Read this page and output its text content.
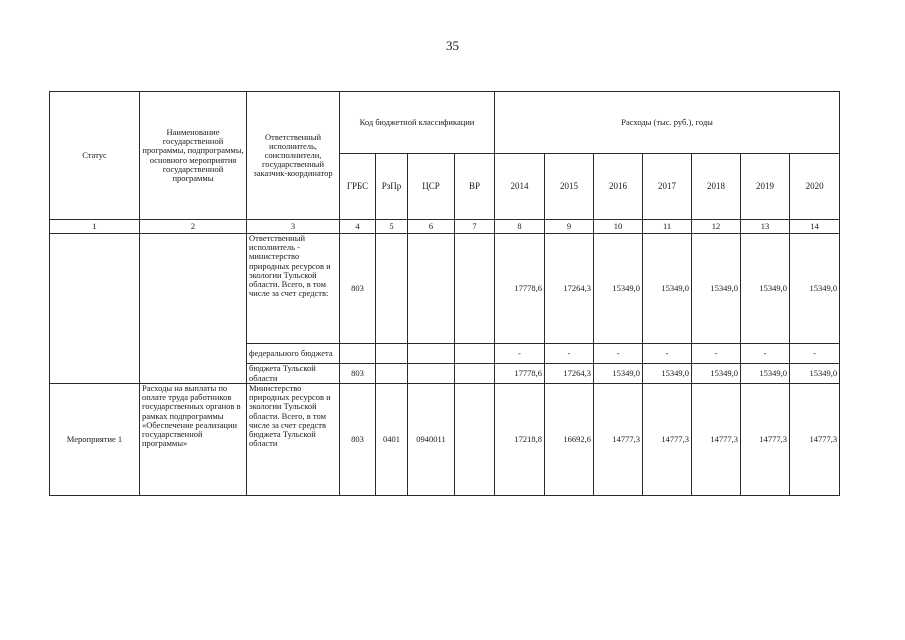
35
Статус	Наименование государственной программы, подпрограммы, основного мероприятия государственной программы	Ответственный исполнитель, соисполнители, государственный заказчик-координатор	Код бюджетной классификации				Расходы (тыс. руб.), годы						
			ГРБС	РзПр	ЦСР	ВР	2014	2015	2016	2017	2018	2019	2020
1	2	3	4	5	6	7	8	9	10	11	12	13	14
		Ответственный исполнитель - министерство природных ресурсов и экологии Тульской области. Всего, в том числе за счет средств:	803				17778,6	17264,3	15349,0	15349,0	15349,0	15349,0	15349,0
		федерального бюджета					-	-	-	-	-	-	-
		бюджета Тульской области	803				17778,6	17264,3	15349,0	15349,0	15349,0	15349,0	15349,0
Мероприятие 1	Расходы на выплаты по оплате труда работников государственных органов в рамках подпрограммы «Обеспечение реализации государственной программы»	Министерство природных ресурсов и экологии Тульской области. Всего, в том числе за счет средств бюджета Тульской области	803	0401	0940011		17218,8	16692,6	14777,3	14777,3	14777,3	14777,3	14777,3
